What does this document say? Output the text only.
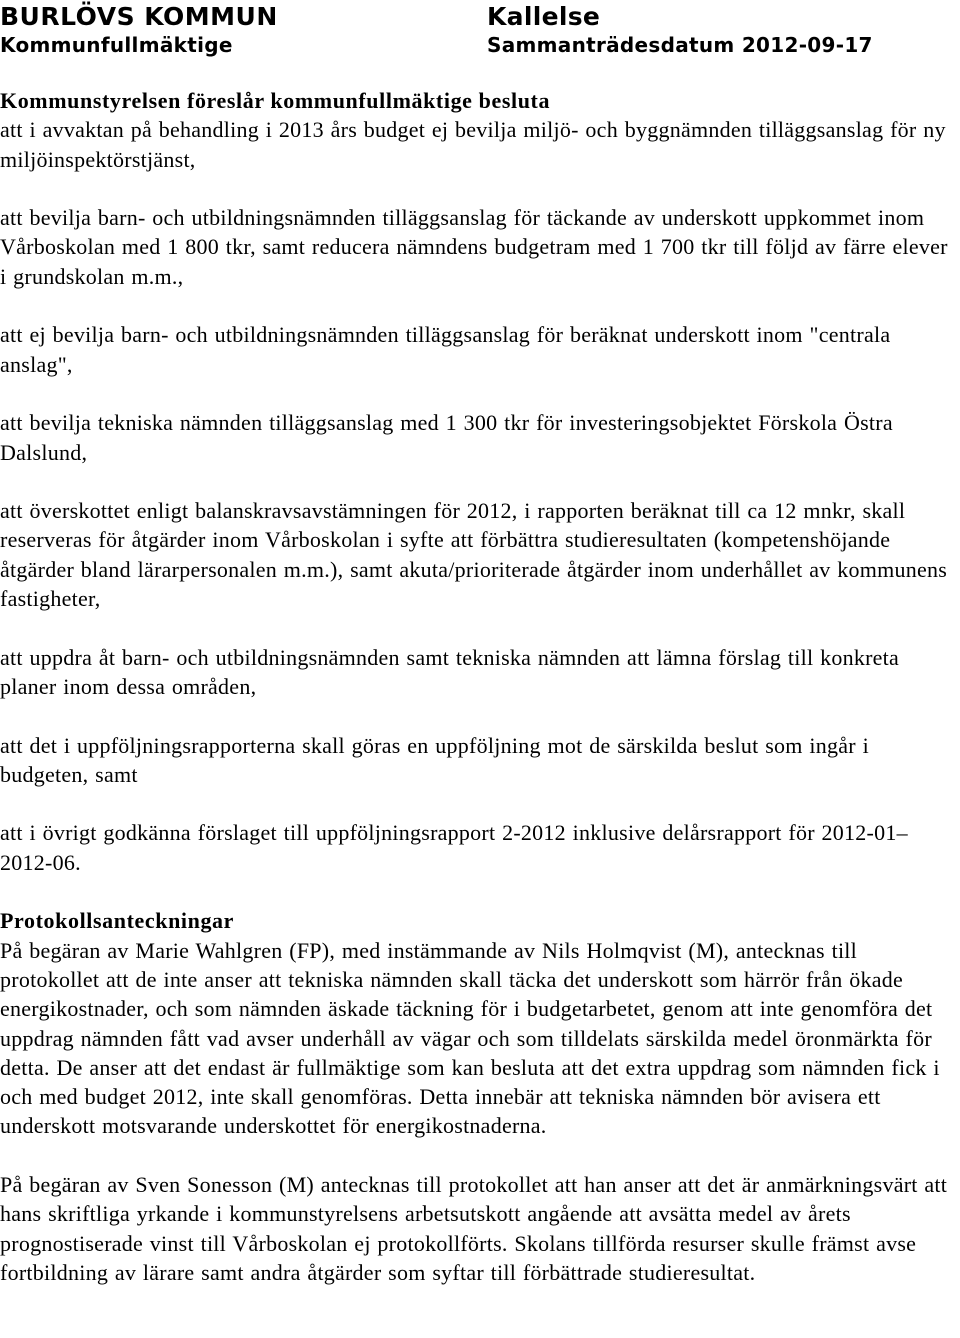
BURLÖVS KOMMUN
Kommunfullmäktige
Kallelse
Sammanträdesdatum 2012-09-17

Kommunstyrelsen föreslår kommunfullmäktige besluta

att i avvaktan på behandling i 2013 års budget ej bevilja miljö- och byggnämnden tilläggsanslag för ny miljöinspektörstjänst,

att bevilja barn- och utbildningsnämnden tilläggsanslag för täckande av underskott uppkommet inom Vårboskolan med 1 800 tkr, samt reducera nämndens budgetram med 1 700 tkr till följd av färre elever i grundskolan m.m.,

att ej bevilja barn- och utbildningsnämnden tilläggsanslag för beräknat underskott inom "centrala anslag",

att bevilja tekniska nämnden tilläggsanslag med 1 300 tkr för investeringsobjektet Förskola Östra Dalslund,

att överskottet enligt balanskravsavstämningen för 2012, i rapporten beräknat till ca 12 mnkr, skall reserveras för åtgärder inom Vårboskolan i syfte att förbättra studieresultaten (kompetenshöjande åtgärder bland lärarpersonalen m.m.), samt akuta/prioriterade åtgärder inom underhållet av kommunens fastigheter,

att uppdra åt barn- och utbildningsnämnden samt tekniska nämnden att lämna förslag till konkreta planer inom dessa områden,

att det i uppföljningsrapporterna skall göras en uppföljning mot de särskilda beslut som ingår i budgeten, samt

att i övrigt godkänna förslaget till uppföljningsrapport 2-2012 inklusive delårsrapport för 2012-01–2012-06.

Protokollsanteckningar

På begäran av Marie Wahlgren (FP), med instämmande av Nils Holmqvist (M), antecknas till protokollet att de inte anser att tekniska nämnden skall täcka det underskott som härrör från ökade energikostnader, och som nämnden äskade täckning för i budgetarbetet, genom att inte genomföra det uppdrag nämnden fått vad avser underhåll av vägar och som tilldelats särskilda medel öronmärkta för detta. De anser att det endast är fullmäktige som kan besluta att det extra uppdrag som nämnden fick i och med budget 2012, inte skall genomföras. Detta innebär att tekniska nämnden bör avisera ett underskott motsvarande underskottet för energikostnaderna.

På begäran av Sven Sonesson (M) antecknas till protokollet att han anser att det är anmärkningsvärt att hans skriftliga yrkande i kommunstyrelsens arbetsutskott angående att avsätta medel av årets prognostiserade vinst till Vårboskolan ej protokollförts. Skolans tillförda resurser skulle främst avse fortbildning av lärare samt andra åtgärder som syftar till förbättrade studieresultat.
